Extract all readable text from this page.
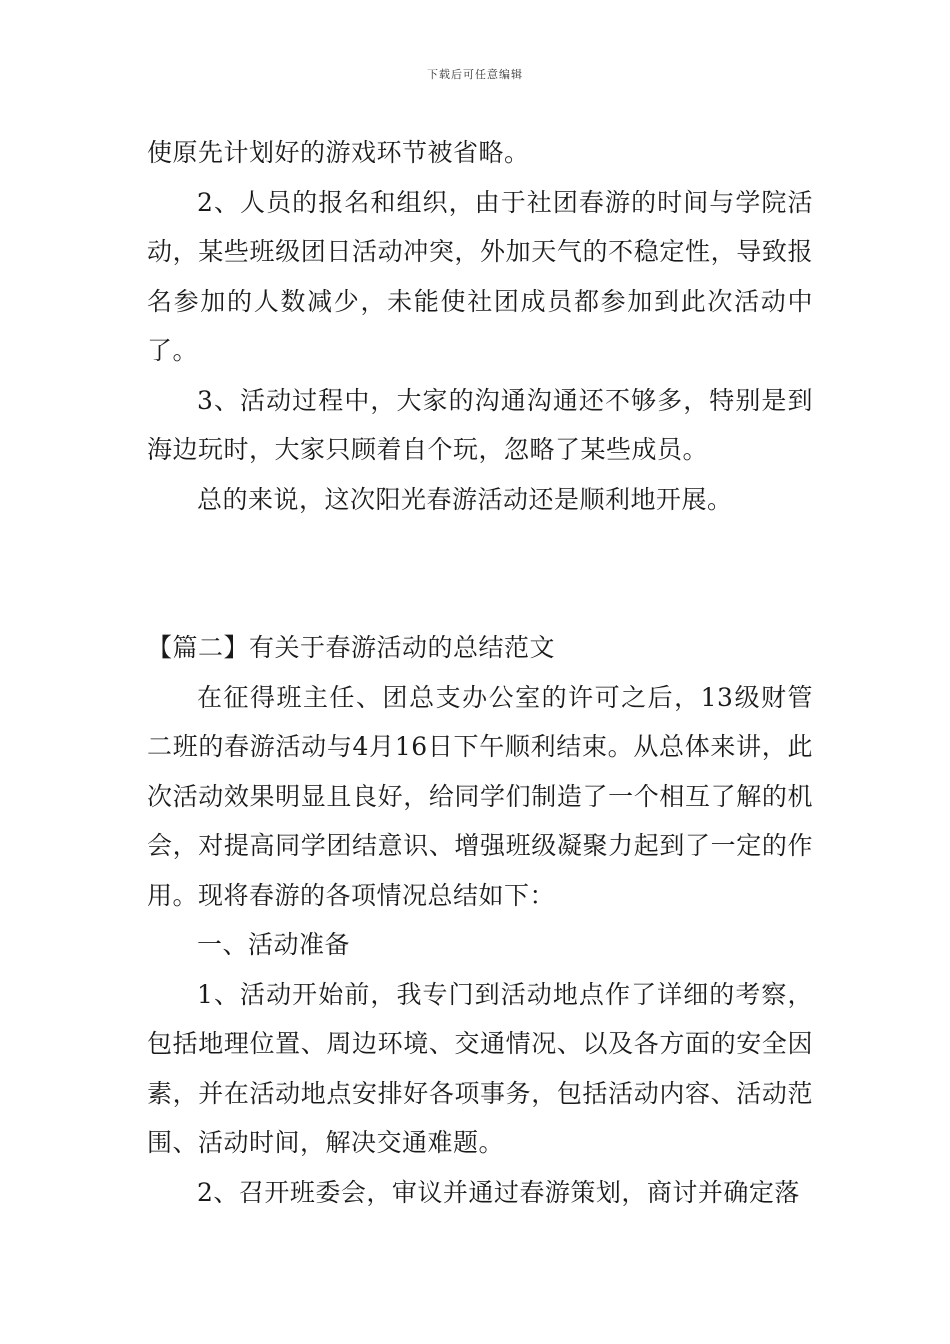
下载后可任意编辑

使原先计划好的游戏环节被省略。

2、人员的报名和组织，由于社团春游的时间与学院活动，某些班级团日活动冲突，外加天气的不稳定性，导致报名参加的人数减少，未能使社团成员都参加到此次活动中了。

3、活动过程中，大家的沟通沟通还不够多，特别是到海边玩时，大家只顾着自个玩，忽略了某些成员。

总的来说，这次阳光春游活动还是顺利地开展。

【篇二】有关于春游活动的总结范文

在征得班主任、团总支办公室的许可之后，13级财管二班的春游活动与4月16日下午顺利结束。从总体来讲，此次活动效果明显且良好，给同学们制造了一个相互了解的机会，对提高同学团结意识、增强班级凝聚力起到了一定的作用。现将春游的各项情况总结如下：

一、活动准备

1、活动开始前，我专门到活动地点作了详细的考察，包括地理位置、周边环境、交通情况、以及各方面的安全因素，并在活动地点安排好各项事务，包括活动内容、活动范围、活动时间，解决交通难题。

2、召开班委会，审议并通过春游策划，商讨并确定落
